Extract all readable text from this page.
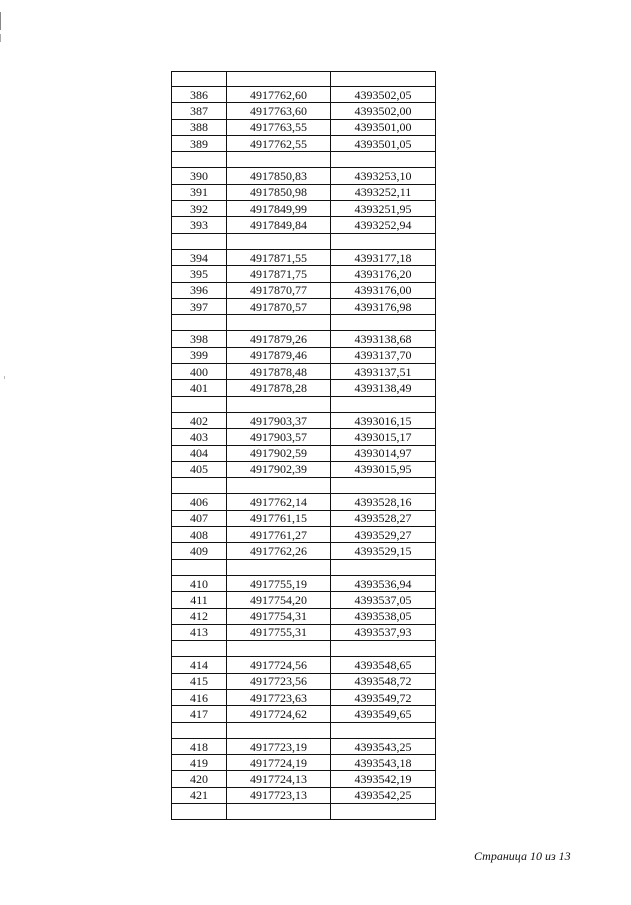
386	4917762,60	4393502,05
387	4917763,60	4393502,00
388	4917763,55	4393501,00
389	4917762,55	4393501,05

390	4917850,83	4393253,10
391	4917850,98	4393252,11
392	4917849,99	4393251,95
393	4917849,84	4393252,94

394	4917871,55	4393177,18
395	4917871,75	4393176,20
396	4917870,77	4393176,00
397	4917870,57	4393176,98

398	4917879,26	4393138,68
399	4917879,46	4393137,70
400	4917878,48	4393137,51
401	4917878,28	4393138,49

402	4917903,37	4393016,15
403	4917903,57	4393015,17
404	4917902,59	4393014,97
405	4917902,39	4393015,95

406	4917762,14	4393528,16
407	4917761,15	4393528,27
408	4917761,27	4393529,27
409	4917762,26	4393529,15

410	4917755,19	4393536,94
411	4917754,20	4393537,05
412	4917754,31	4393538,05
413	4917755,31	4393537,93

414	4917724,56	4393548,65
415	4917723,56	4393548,72
416	4917723,63	4393549,72
417	4917724,62	4393549,65

418	4917723,19	4393543,25
419	4917724,19	4393543,18
420	4917724,13	4393542,19
421	4917723,13	4393542,25

Страница 10 из 13
